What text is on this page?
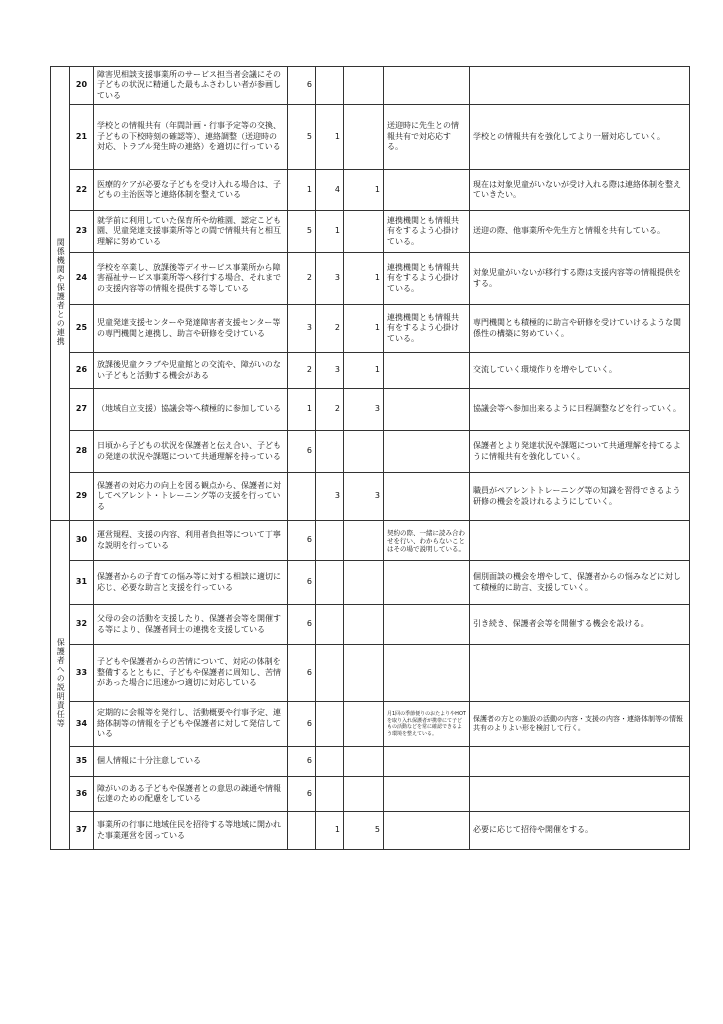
関係機関や保護者との連携	20	障害児相談支援事業所のサービス担当者会議にその子どもの状況に精通した最もふさわしい者が参画している	6				
	21	学校との情報共有（年間計画・行事予定等の交換、子どもの下校時刻の確認等）、連絡調整（送迎時の対応、トラブル発生時の連絡）を適切に行っている	5	1		送迎時に先生との情報共有で対応応する。	学校との情報共有を強化してより一層対応していく。
	22	医療的ケアが必要な子どもを受け入れる場合は、子どもの主治医等と連絡体制を整えている	1	4	1		現在は対象児童がいないが受け入れる際は連絡体制を整えていきたい。
	23	就学前に利用していた保育所や幼稚園、認定こども園、児童発達支援事業所等との間で情報共有と相互理解に努めている	5	1		連携機関とも情報共有をするよう心掛けている。	送迎の際、他事業所や先生方と情報を共有している。
	24	学校を卒業し、放課後等デイサービス事業所から障害福祉サービス事業所等へ移行する場合、それまでの支援内容等の情報を提供する等している	2	3	1	連携機関とも情報共有をするよう心掛けている。	対象児童がいないが移行する際は支援内容等の情報提供をする。
	25	児童発達支援センターや発達障害者支援センター等の専門機関と連携し、助言や研修を受けている	3	2	1	連携機関とも情報共有をするよう心掛けている。	専門機関とも積極的に助言や研修を受けていけるような関係性の構築に努めていく。
	26	放課後児童クラブや児童館との交流や、障がいのない子どもと活動する機会がある	2	3	1		交流していく環境作りを増やしていく。
	27	（地域自立支援）協議会等へ積極的に参加している	1	2	3		協議会等へ参加出来るように日程調整などを行っていく。
	28	日頃から子どもの状況を保護者と伝え合い、子どもの発達の状況や課題について共通理解を持っている	6				保護者とより発達状況や課題について共通理解を持てるように情報共有を強化していく。
	29	保護者の対応力の向上を図る観点から、保護者に対してペアレント・トレーニング等の支援を行っている		3	3		職員がペアレントトレーニング等の知識を習得できるよう研修の機会を設けれるようにしていく。
保護者への説明責任等	30	運営規程、支援の内容、利用者負担等について丁寧な説明を行っている	6			契約の際、一緒に読み合わせを行い、わからないことはその場で説明している。	
	31	保護者からの子育ての悩み等に対する相談に適切に応じ、必要な助言と支援を行っている	6				個別面談の機会を増やして、保護者からの悩みなどに対して積極的に助言、支援していく。
	32	父母の会の活動を支援したり、保護者会等を開催する等により、保護者同士の連携を支援している	6				引き続き、保護者会等を開催する機会を設ける。
	33	子どもや保護者からの苦情について、対応の体制を整備するとともに、子どもや保護者に周知し、苦情があった場合に迅速かつ適切に対応している	6				
	34	定期的に会報等を発行し、活動概要や行事予定、連絡体制等の情報を子どもや保護者に対して発信している	6			月1回の季節便りのおたよりやHOTを取り入れ保護者が携帯にて子どもの活動などを常に確認できるよう環境を整えている。	保護者の方との施設の活動の内容・支援の内容・連絡体制等の情報共有のよりよい形を検討して行く。
	35	個人情報に十分注意している	6				
	36	障がいのある子どもや保護者との意思の疎通や情報伝達のための配慮をしている	6				
	37	事業所の行事に地域住民を招待する等地域に開かれた事業運営を図っている		1	5		必要に応じて招待や開催をする。
